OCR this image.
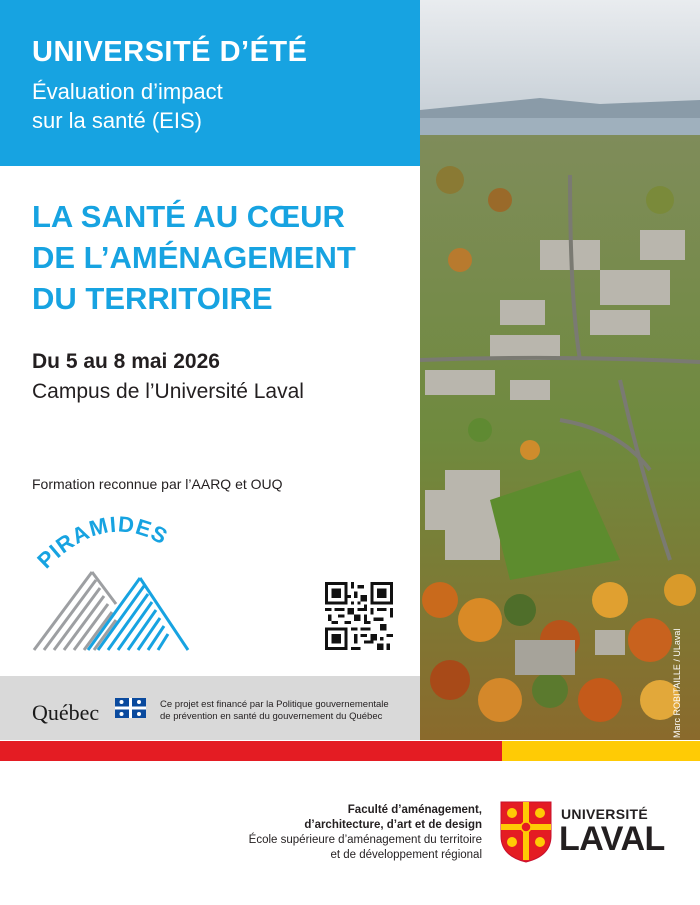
UNIVERSITÉ D’ÉTÉ
Évaluation d’impact
sur la santé (EIS)
LA SANTÉ AU CŒUR
DE L’AMÉNAGEMENT
DU TERRITOIRE
Du 5 au 8 mai 2026
Campus de l’Université Laval
Formation reconnue par l’AARQ et OUQ
PIRAMIDES
Québec	Ce projet est financé par la Politique gouvernementale
de prévention en santé du gouvernement du Québec	Marc ROBITAILLE / ULaval
Faculté d’aménagement,
d’architecture, d’art et de design
École supérieure d’aménagement du territoire
et de développement régional
UNIVERSITÉ
LAVAL
